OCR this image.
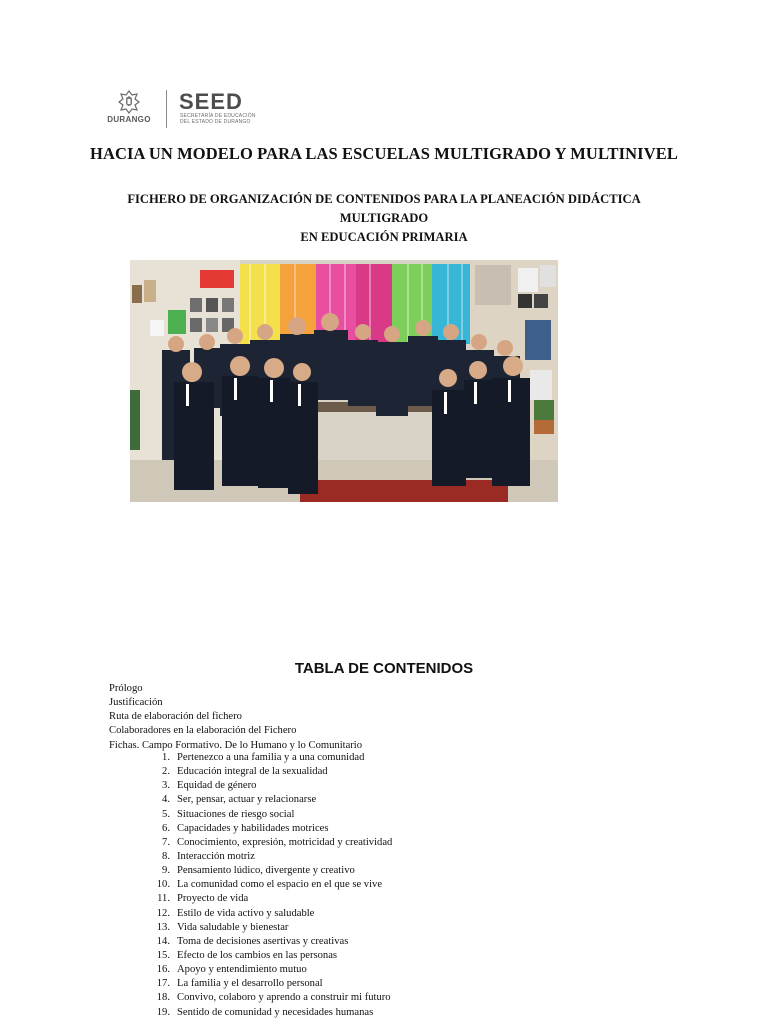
DURANGO
SEED
SECRETARÍA DE EDUCACIÓN
DEL ESTADO DE DURANGO
HACIA UN MODELO PARA LAS ESCUELAS MULTIGRADO Y MULTINIVEL
FICHERO DE ORGANIZACIÓN DE CONTENIDOS PARA LA PLANEACIÓN DIDÁCTICA MULTIGRADO
EN EDUCACIÓN PRIMARIA
TABLA DE CONTENIDOS
Prólogo
Justificación
Ruta de elaboración del fichero
Colaboradores en la elaboración del Fichero
Fichas. Campo Formativo. De lo Humano y lo Comunitario
1. Pertenezco a una familia y a una comunidad
2. Educación integral de la sexualidad
3. Equidad de género
4. Ser, pensar, actuar y relacionarse
5. Situaciones de riesgo social
6. Capacidades y habilidades motrices
7. Conocimiento, expresión, motricidad y creatividad
8. Interacción motriz
9. Pensamiento lúdico, divergente y creativo
10. La comunidad como el espacio en el que se vive
11. Proyecto de vida
12. Estilo de vida activo y saludable
13. Vida saludable y bienestar
14. Toma de decisiones asertivas y creativas
15. Efecto de los cambios en las personas
16. Apoyo y entendimiento mutuo
17. La familia y el desarrollo personal
18. Convivo, colaboro y aprendo a construir mi futuro
19. Sentido de comunidad y necesidades humanas
